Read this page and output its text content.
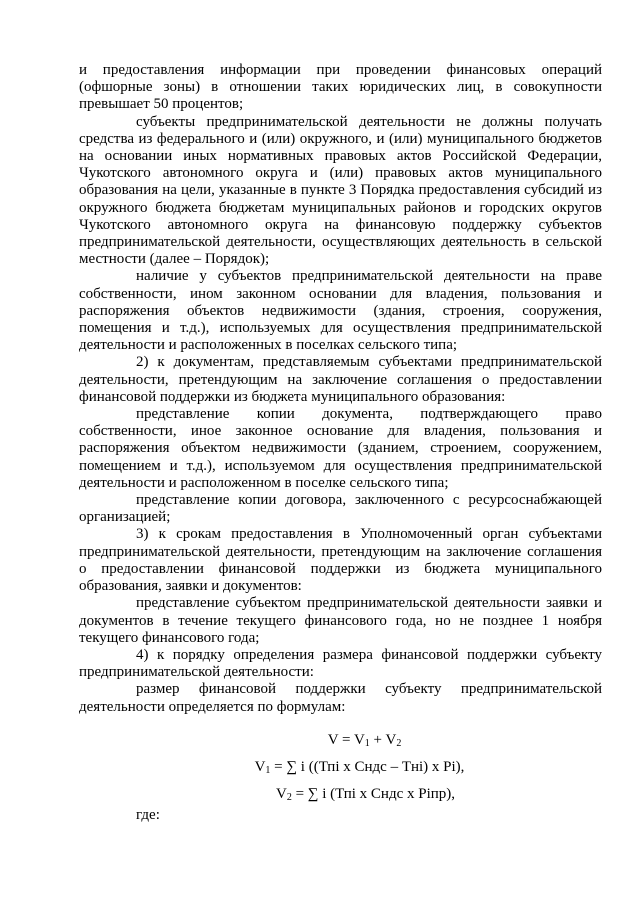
и предоставления информации при проведении финансовых операций (офшорные зоны) в отношении таких юридических лиц, в совокупности превышает 50 процентов;

субъекты предпринимательской деятельности не должны получать средства из федерального и (или) окружного, и (или) муниципального бюджетов на основании иных нормативных правовых актов Российской Федерации, Чукотского автономного округа и (или) правовых актов муниципального образования на цели, указанные в пункте 3 Порядка предоставления субсидий из окружного бюджета бюджетам муниципальных районов и городских округов Чукотского автономного округа на финансовую поддержку субъектов предпринимательской деятельности, осуществляющих деятельность в сельской местности (далее – Порядок);

наличие у субъектов предпринимательской деятельности на праве собственности, ином законном основании для владения, пользования и распоряжения объектов недвижимости (здания, строения, сооружения, помещения и т.д.), используемых для осуществления предпринимательской деятельности и расположенных в поселках сельского типа;

2) к документам, представляемым субъектами предпринимательской деятельности, претендующим на заключение соглашения о предоставлении финансовой поддержки из бюджета муниципального образования:

представление копии документа, подтверждающего право собственности, иное законное основание для владения, пользования и распоряжения объектом недвижимости (зданием, строением, сооружением, помещением и т.д.), используемом для осуществления предпринимательской деятельности и расположенном в поселке сельского типа;

представление копии договора, заключенного с ресурсоснабжающей организацией;

3) к срокам предоставления в Уполномоченный орган субъектами предпринимательской деятельности, претендующим на заключение соглашения о предоставлении финансовой поддержки из бюджета муниципального образования, заявки и документов:

представление субъектом предпринимательской деятельности заявки и документов в течение текущего финансового года, но не позднее 1 ноября текущего финансового года;

4) к порядку определения размера финансовой поддержки субъекту предпринимательской деятельности:

размер финансовой поддержки субъекту предпринимательской деятельности определяется по формулам:

$V = V_1 + V_2$

$V_1$ = ∑ i ((Тпi х Сндс – Тнi) х Рi),

$V_2$ = ∑ i (Тпi х Сндс х Рiпр),

где:
